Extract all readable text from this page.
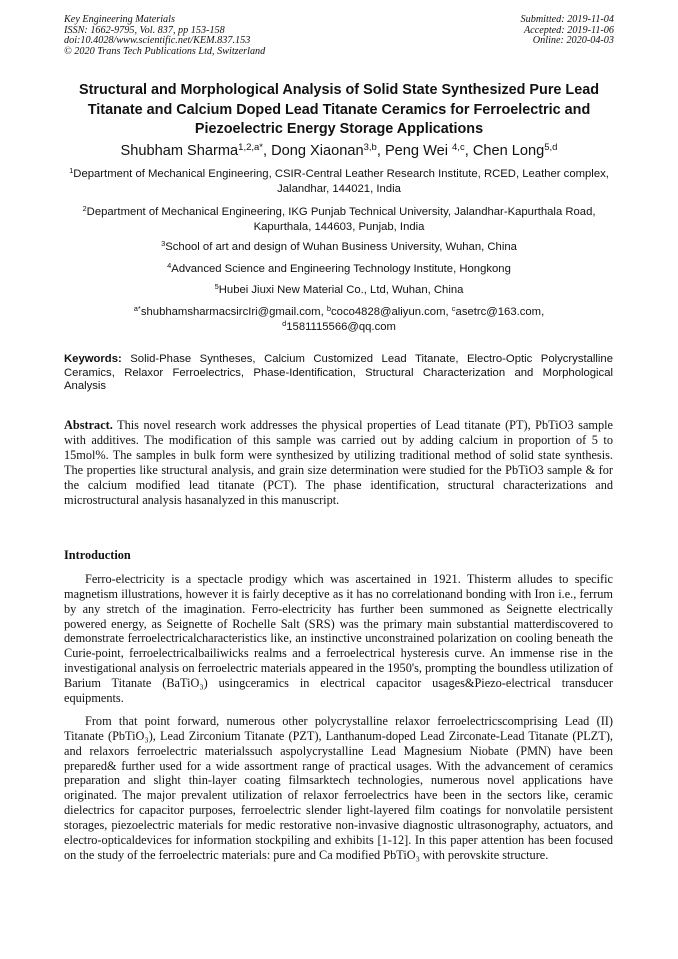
Key Engineering Materials
ISSN: 1662-9795, Vol. 837, pp 153-158
doi:10.4028/www.scientific.net/KEM.837.153
© 2020 Trans Tech Publications Ltd, Switzerland
Submitted: 2019-11-04
Accepted: 2019-11-06
Online: 2020-04-03
Structural and Morphological Analysis of Solid State Synthesized Pure Lead Titanate and Calcium Doped Lead Titanate Ceramics for Ferroelectric and Piezoelectric Energy Storage Applications
Shubham Sharma$^{1,2,a*}$, Dong Xiaonan$^{3,b}$, Peng Wei $^{4,c}$, Chen Long$^{5,d}$
$^1$Department of Mechanical Engineering, CSIR-Central Leather Research Institute, RCED, Leather complex, Jalandhar, 144021, India
$^2$Department of Mechanical Engineering, IKG Punjab Technical University, Jalandhar-Kapurthala Road, Kapurthala, 144603, Punjab, India
$^3$School of art and design of Wuhan Business University, Wuhan, China
$^4$Advanced Science and Engineering Technology Institute, Hongkong
$^5$Hubei Jiuxi New Material Co., Ltd, Wuhan, China
$^{a*}$shubhamsharmacsircIri@gmail.com, $^b$coco4828@aliyun.com, $^c$asetrc@163.com,
$^d$1581115566@qq.com
Keywords: Solid-Phase Syntheses, Calcium Customized Lead Titanate, Electro-Optic Polycrystalline Ceramics, Relaxor Ferroelectrics, Phase-Identification, Structural Characterization and Morphological Analysis
Abstract. This novel research work addresses the physical properties of Lead titanate (PT), PbTiO3 sample with additives. The modification of this sample was carried out by adding calcium in proportion of 5 to 15mol%. The samples in bulk form were synthesized by utilizing traditional method of solid state synthesis. The properties like structural analysis, and grain size determination were studied for the PbTiO3 sample & for the calcium modified lead titanate (PCT). The phase identification, structural characterizations and microstructural analysis hasanalyzed in this manuscript.
Introduction
Ferro-electricity is a spectacle prodigy which was ascertained in 1921. Thisterm alludes to specific magnetism illustrations, however it is fairly deceptive as it has no correlationand bonding with Iron i.e., ferrum by any stretch of the imagination. Ferro-electricity has further been summoned as Seignette electrically powered energy, as Seignette of Rochelle Salt (SRS) was the primary main substantial matterdiscovered to demonstrate ferroelectricalcharacteristics like, an instinctive unconstrained polarization on cooling beneath the Curie-point, ferroelectricalbailiwicks realms and a ferroelectrical hysteresis curve. An immense rise in the investigational analysis on ferroelectric materials appeared in the 1950's, prompting the boundless utilization of Barium Titanate (BaTiO₃) usingceramics in electrical capacitor usages&Piezo-electrical transducer equipments.
From that point forward, numerous other polycrystalline relaxor ferroelectricscomprising Lead (II) Titanate (PbTiO₃), Lead Zirconium Titanate (PZT), Lanthanum-doped Lead Zirconate-Lead Titanate (PLZT), and relaxors ferroelectric materialssuch aspolycrystalline Lead Magnesium Niobate (PMN) have been prepared& further used for a wide assortment range of practical usages. With the advancement of ceramics preparation and slight thin-layer coating filmsarktech technologies, numerous novel applications have originated. The major prevalent utilization of relaxor ferroelectrics have been in the sectors like, ceramic dielectrics for capacitor purposes, ferroelectric slender light-layered film coatings for nonvolatile persistent storages, piezoelectric materials for medic restorative non-invasive diagnostic ultrasonography, actuators, and electro-opticaldevices for information stockpiling and exhibits [1-12]. In this paper attention has been focused on the study of the ferroelectric materials: pure and Ca modified PbTiO₃ with perovskite structure.
